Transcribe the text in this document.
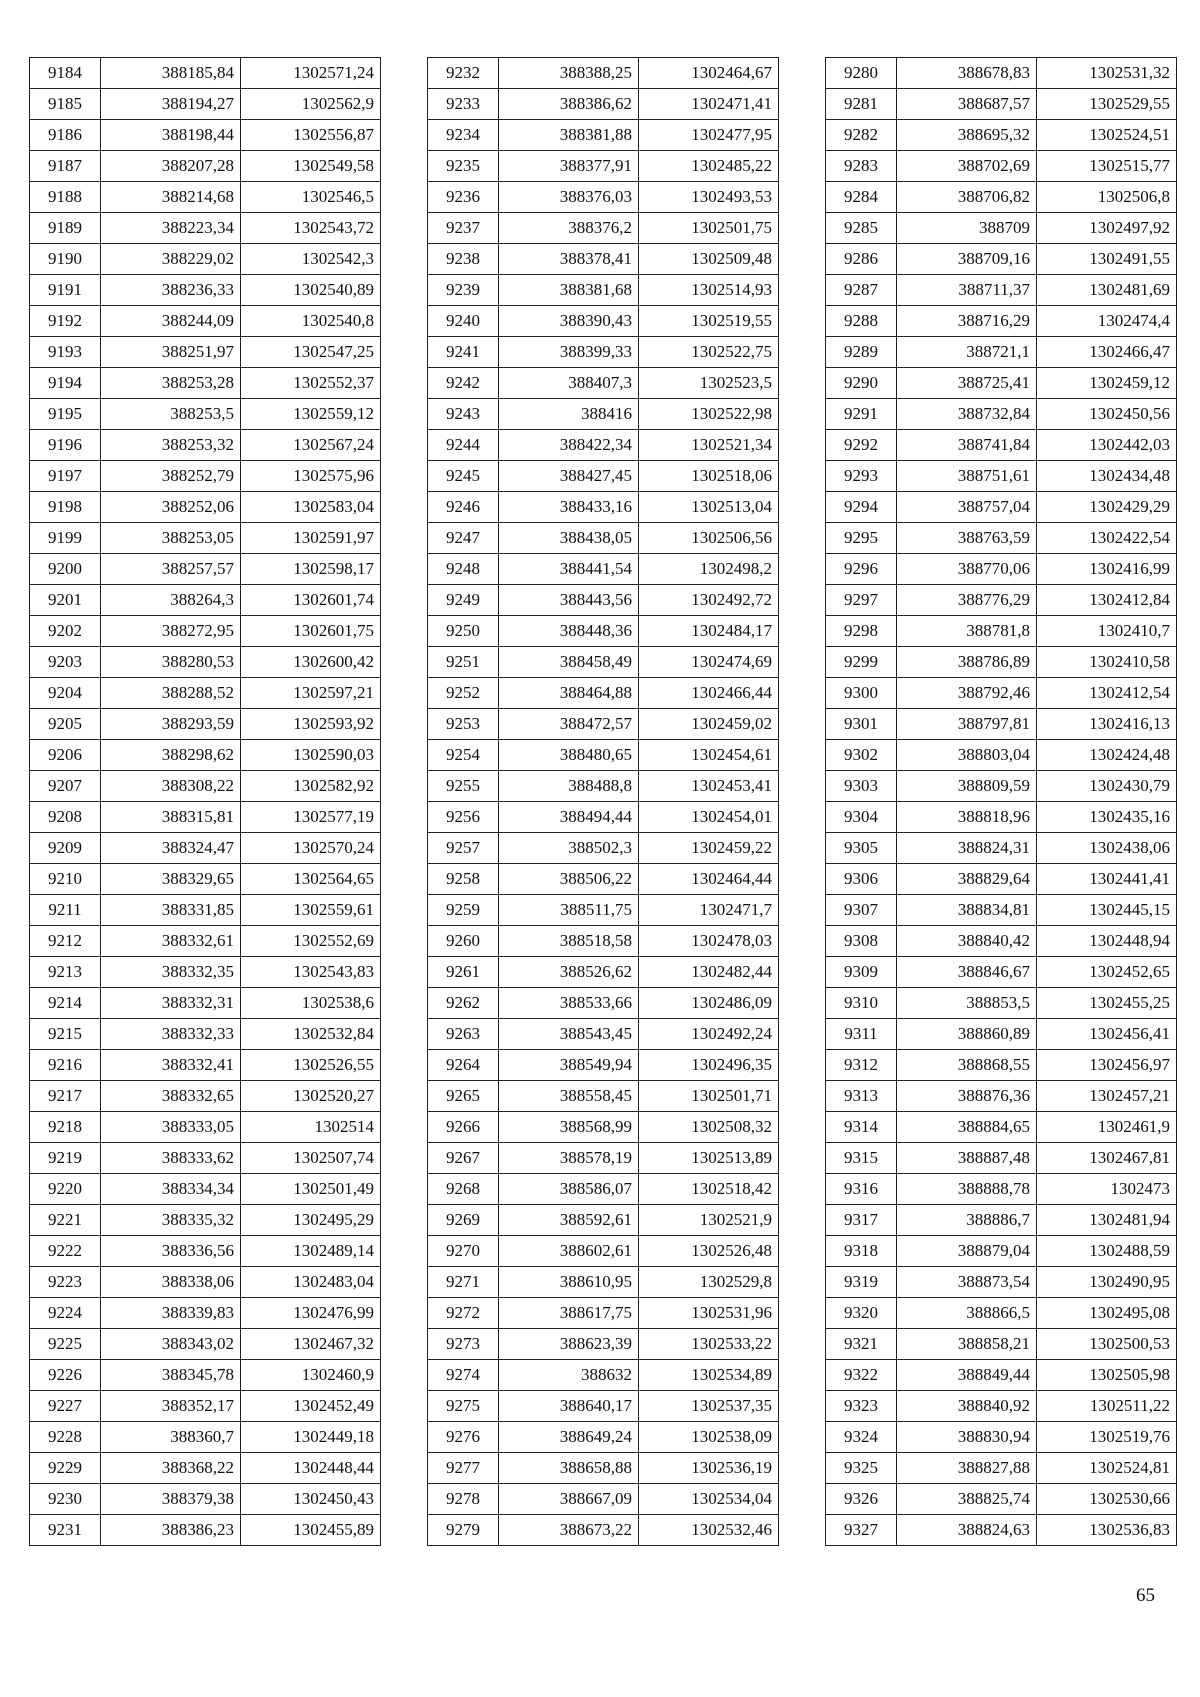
9184	388185,84	1302571,24
9185	388194,27	1302562,9
9186	388198,44	1302556,87
9187	388207,28	1302549,58
9188	388214,68	1302546,5
9189	388223,34	1302543,72
9190	388229,02	1302542,3
9191	388236,33	1302540,89
9192	388244,09	1302540,8
9193	388251,97	1302547,25
9194	388253,28	1302552,37
9195	388253,5	1302559,12
9196	388253,32	1302567,24
9197	388252,79	1302575,96
9198	388252,06	1302583,04
9199	388253,05	1302591,97
9200	388257,57	1302598,17
9201	388264,3	1302601,74
9202	388272,95	1302601,75
9203	388280,53	1302600,42
9204	388288,52	1302597,21
9205	388293,59	1302593,92
9206	388298,62	1302590,03
9207	388308,22	1302582,92
9208	388315,81	1302577,19
9209	388324,47	1302570,24
9210	388329,65	1302564,65
9211	388331,85	1302559,61
9212	388332,61	1302552,69
9213	388332,35	1302543,83
9214	388332,31	1302538,6
9215	388332,33	1302532,84
9216	388332,41	1302526,55
9217	388332,65	1302520,27
9218	388333,05	1302514
9219	388333,62	1302507,74
9220	388334,34	1302501,49
9221	388335,32	1302495,29
9222	388336,56	1302489,14
9223	388338,06	1302483,04
9224	388339,83	1302476,99
9225	388343,02	1302467,32
9226	388345,78	1302460,9
9227	388352,17	1302452,49
9228	388360,7	1302449,18
9229	388368,22	1302448,44
9230	388379,38	1302450,43
9231	388386,23	1302455,89
9232	388388,25	1302464,67
9233	388386,62	1302471,41
9234	388381,88	1302477,95
9235	388377,91	1302485,22
9236	388376,03	1302493,53
9237	388376,2	1302501,75
9238	388378,41	1302509,48
9239	388381,68	1302514,93
9240	388390,43	1302519,55
9241	388399,33	1302522,75
9242	388407,3	1302523,5
9243	388416	1302522,98
9244	388422,34	1302521,34
9245	388427,45	1302518,06
9246	388433,16	1302513,04
9247	388438,05	1302506,56
9248	388441,54	1302498,2
9249	388443,56	1302492,72
9250	388448,36	1302484,17
9251	388458,49	1302474,69
9252	388464,88	1302466,44
9253	388472,57	1302459,02
9254	388480,65	1302454,61
9255	388488,8	1302453,41
9256	388494,44	1302454,01
9257	388502,3	1302459,22
9258	388506,22	1302464,44
9259	388511,75	1302471,7
9260	388518,58	1302478,03
9261	388526,62	1302482,44
9262	388533,66	1302486,09
9263	388543,45	1302492,24
9264	388549,94	1302496,35
9265	388558,45	1302501,71
9266	388568,99	1302508,32
9267	388578,19	1302513,89
9268	388586,07	1302518,42
9269	388592,61	1302521,9
9270	388602,61	1302526,48
9271	388610,95	1302529,8
9272	388617,75	1302531,96
9273	388623,39	1302533,22
9274	388632	1302534,89
9275	388640,17	1302537,35
9276	388649,24	1302538,09
9277	388658,88	1302536,19
9278	388667,09	1302534,04
9279	388673,22	1302532,46
9280	388678,83	1302531,32
9281	388687,57	1302529,55
9282	388695,32	1302524,51
9283	388702,69	1302515,77
9284	388706,82	1302506,8
9285	388709	1302497,92
9286	388709,16	1302491,55
9287	388711,37	1302481,69
9288	388716,29	1302474,4
9289	388721,1	1302466,47
9290	388725,41	1302459,12
9291	388732,84	1302450,56
9292	388741,84	1302442,03
9293	388751,61	1302434,48
9294	388757,04	1302429,29
9295	388763,59	1302422,54
9296	388770,06	1302416,99
9297	388776,29	1302412,84
9298	388781,8	1302410,7
9299	388786,89	1302410,58
9300	388792,46	1302412,54
9301	388797,81	1302416,13
9302	388803,04	1302424,48
9303	388809,59	1302430,79
9304	388818,96	1302435,16
9305	388824,31	1302438,06
9306	388829,64	1302441,41
9307	388834,81	1302445,15
9308	388840,42	1302448,94
9309	388846,67	1302452,65
9310	388853,5	1302455,25
9311	388860,89	1302456,41
9312	388868,55	1302456,97
9313	388876,36	1302457,21
9314	388884,65	1302461,9
9315	388887,48	1302467,81
9316	388888,78	1302473
9317	388886,7	1302481,94
9318	388879,04	1302488,59
9319	388873,54	1302490,95
9320	388866,5	1302495,08
9321	388858,21	1302500,53
9322	388849,44	1302505,98
9323	388840,92	1302511,22
9324	388830,94	1302519,76
9325	388827,88	1302524,81
9326	388825,74	1302530,66
9327	388824,63	1302536,83
65
